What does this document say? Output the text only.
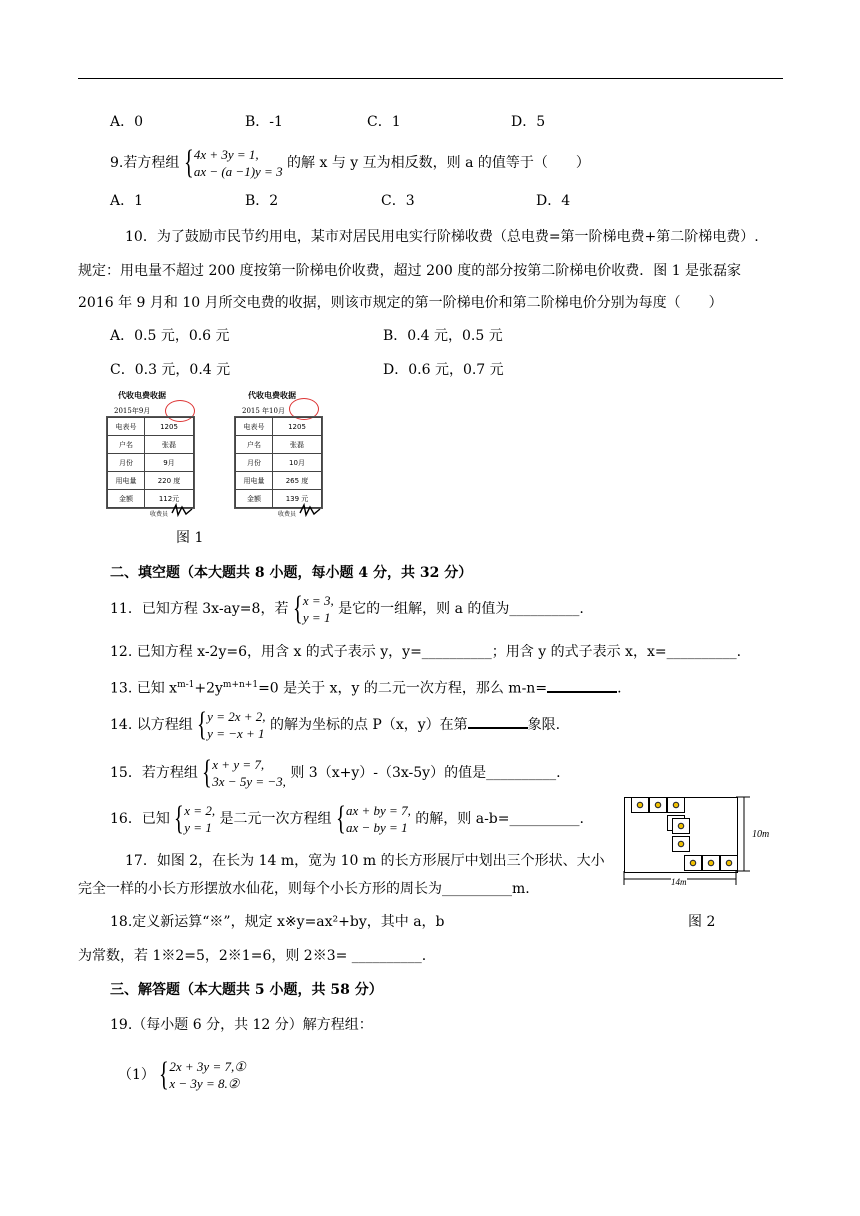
A．0	B．-1	C．1	D．5
9.若方程组 { 4x + 3y = 1,
ax − (a −1)y = 3
的解 x 与 y 互为相反数，则 a 的值等于（　　）
A．1	B．2	C．3	D．4
10．为了鼓励市民节约用电，某市对居民用电实行阶梯收费（总电费=第一阶梯电费+第二阶梯电费）.
规定：用电量不超过 200 度按第一阶梯电价收费，超过 200 度的部分按第二阶梯电价收费．图 1 是张磊家
2016 年 9 月和 10 月所交电费的收据，则该市规定的第一阶梯电价和第二阶梯电价分别为每度（　　）
A．0.5 元，0.6 元	B．0.4 元，0.5 元
C．0.3 元，0.4 元	D．0.6 元，0.7 元
代收电费收据
2015年9月
电表号	1205
户名	张磊
月份	9月
用电量	220 度
金额	112元
收费员
代收电费收据
2015 年10月
电表号	1205
户名	张磊
月份	10月
用电量	265 度
金额	139 元
收费员
图 1
二、填空题（本大题共 8 小题，每小题 4 分，共 32 分）
11．已知方程 3x-ay=8，若 { x = 3,
y = 1
是它的一组解，则 a 的值为__________.
12. 已知方程 x-2y=6，用含 x 的式子表示 y，y=__________；用含 y 的式子表示 x，x=__________.
13. 已知 $x^{m-1}+2y^{m+n+1}=0$ 是关于 x，y 的二元一次方程，那么 m-n=	.
14. 以方程组 { y = 2x + 2,
y = −x + 1
的解为坐标的点 P（x，y）在第	象限.
15．若方程组 { x + y = 7,
3x − 5y = −3,
则 3（x+y）-（3x-5y）的值是__________.
16．已知 { x = 2,
y = 1
是二元一次方程组 { ax + by = 7,
ax − by = 1
的解，则 a-b=__________.
17．如图 2，在长为 14 m，宽为 10 m 的长方形展厅中划出三个形状、大小
完全一样的小长方形摆放水仙花，则每个小长方形的周长为__________m.
10m
14m
图 2
18.定义新运算“※”，规定 x※y=ax²+by，其中 a，b
为常数，若 1※2=5，2※1=6，则 2※3= __________.
三、解答题（本大题共 5 小题，共 58 分）
19.（每小题 6 分，共 12 分）解方程组：
（1） { 2x + 3y = 7,①
x − 3y = 8.②
